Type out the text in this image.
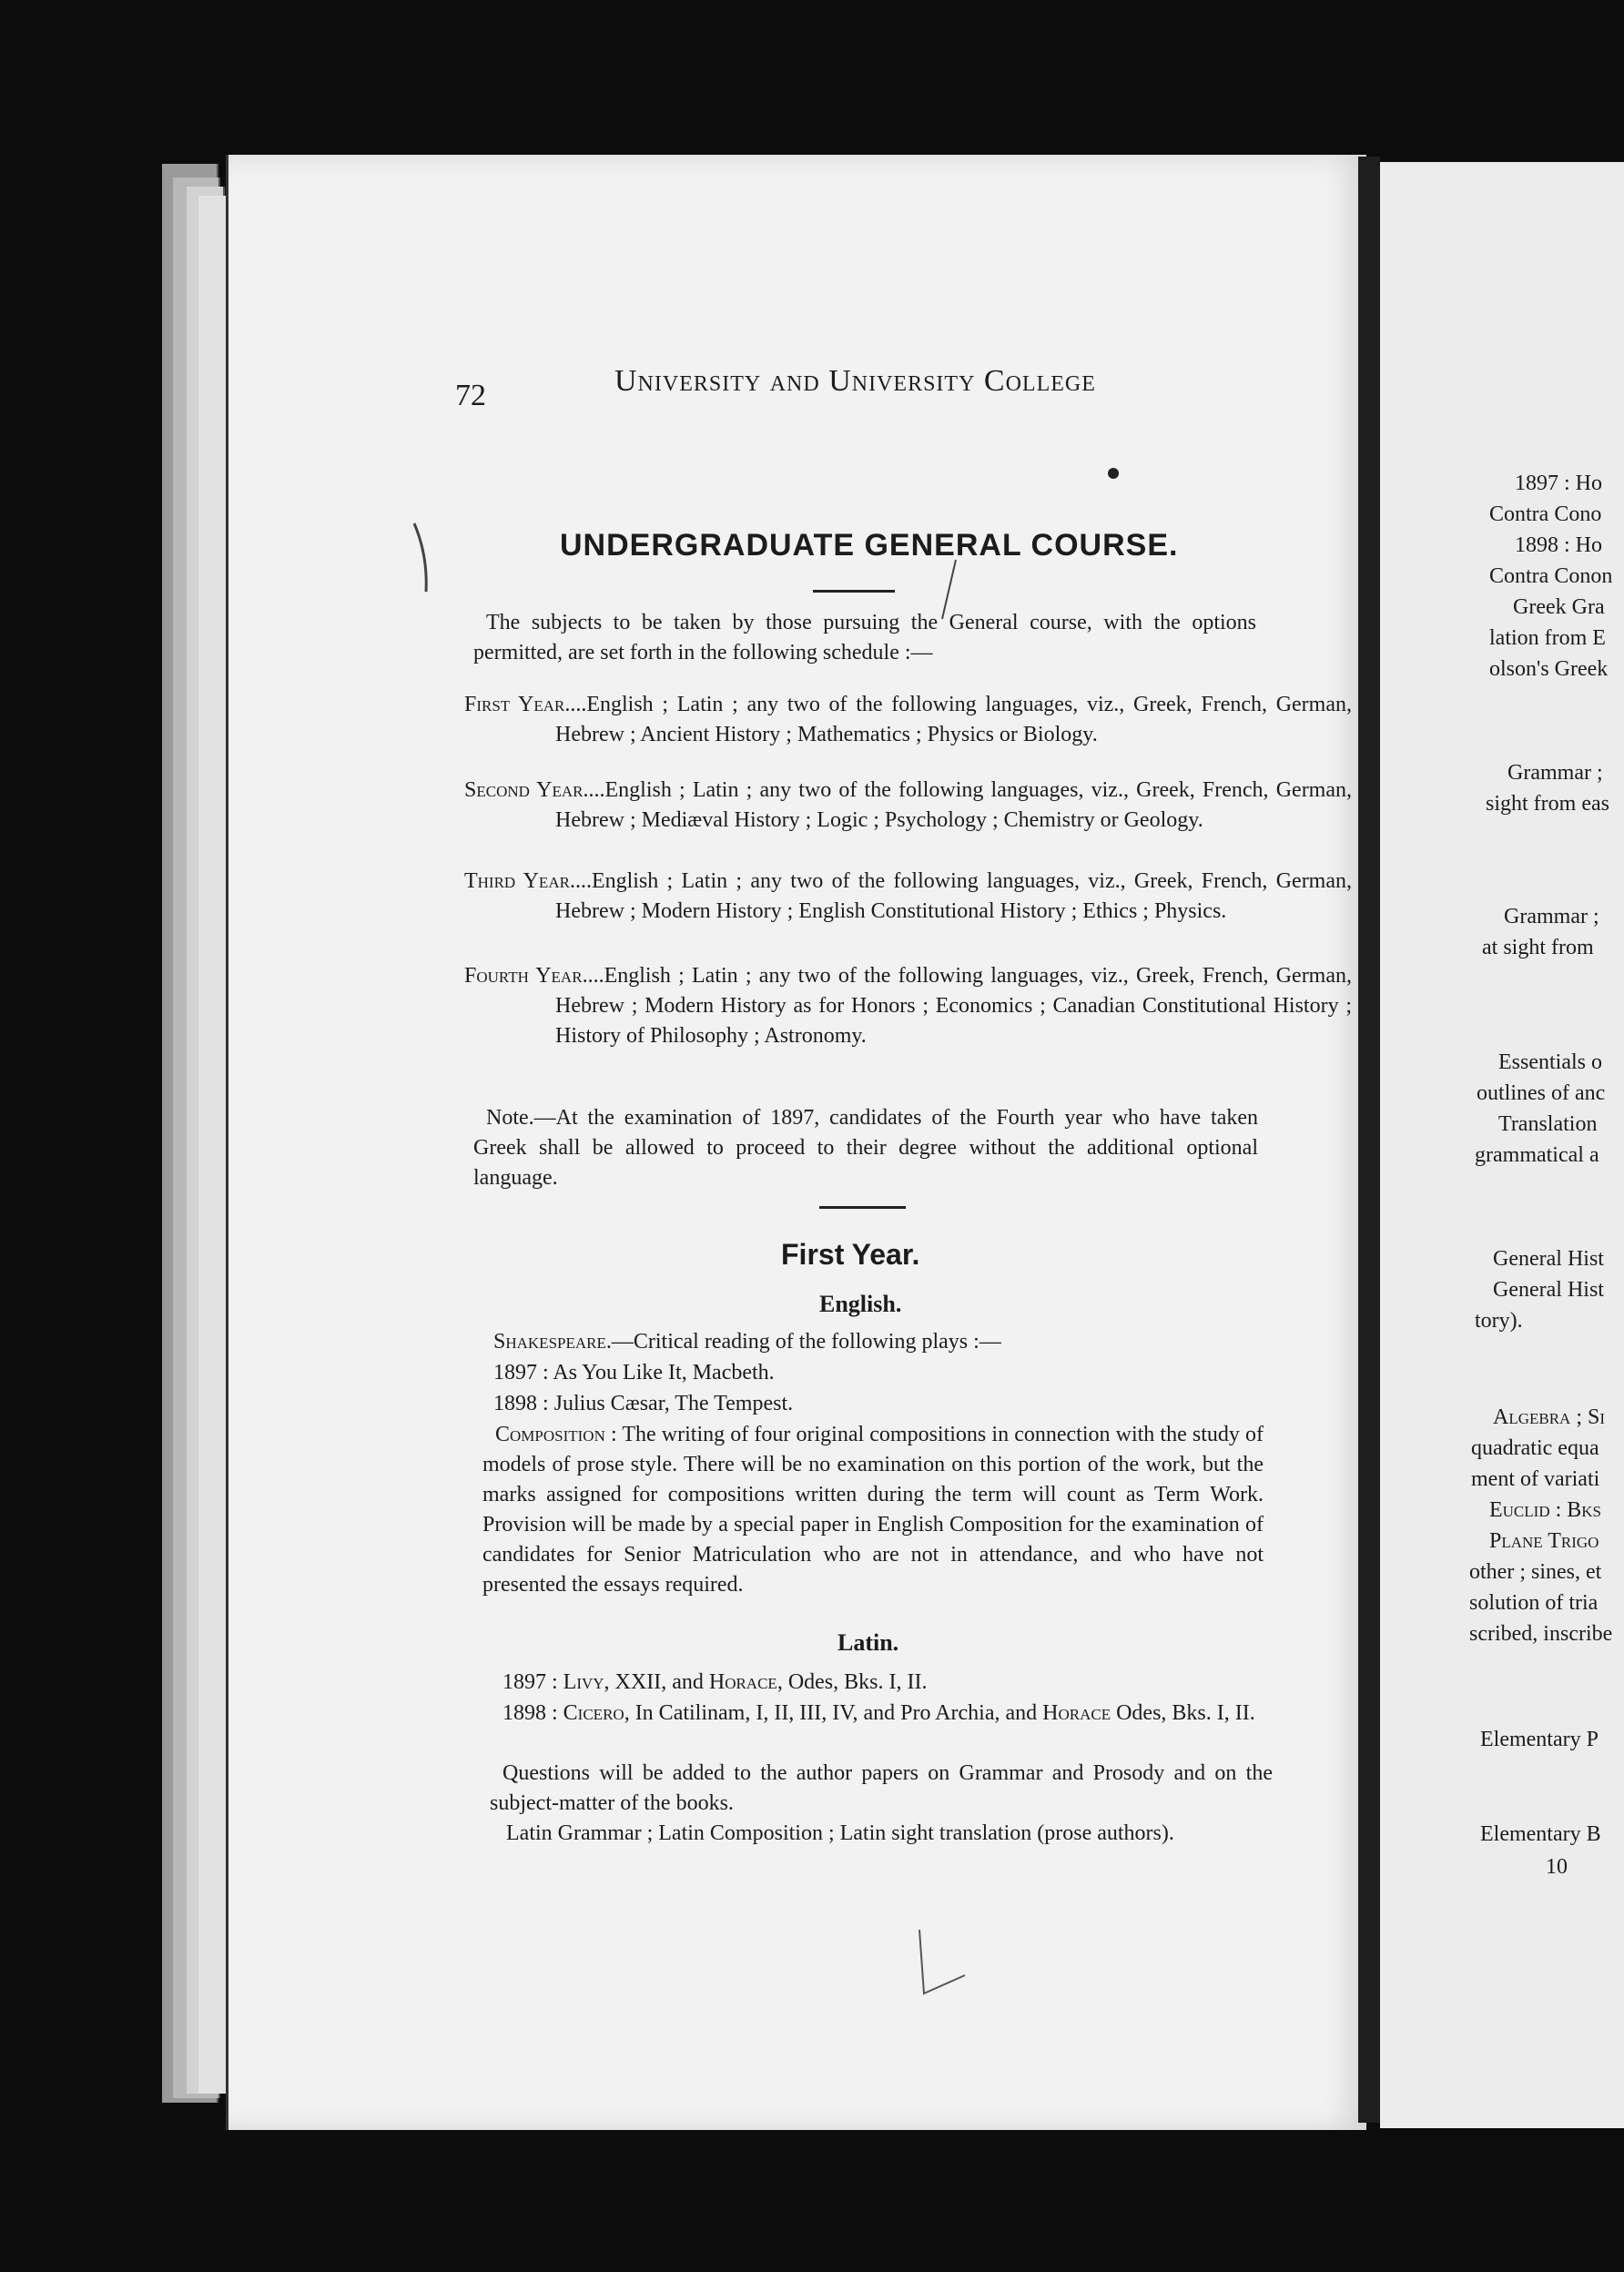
1897 : Ho
Contra Cono
1898 : Ho
Contra Conon
Greek Gra
lation from E
olson's Greek
Grammar ;
sight from eas
Grammar ;
at sight from
Essentials o
outlines of anc
Translation
grammatical a
General Hist
General Hist
tory).
Algebra ; Si
quadratic equa
ment of variati
Euclid : Bks
Plane Trigo
other ; sines, et
solution of tria
scribed, inscribe
Elementary P
Elementary B
10
72	University and University College
UNDERGRADUATE GENERAL COURSE.

The subjects to be taken by those pursuing the General course, with the options permitted, are set forth in the following schedule :—

First Year....English ; Latin ; any two of the following languages, viz., Greek, French, German, Hebrew ; Ancient History ; Mathematics ; Physics or Biology.
Second Year....English ; Latin ; any two of the following languages, viz., Greek, French, German, Hebrew ; Mediæval History ; Logic ; Psychology ; Chemistry or Geology.
Third Year....English ; Latin ; any two of the following languages, viz., Greek, French, German, Hebrew ; Modern History ; English Constitutional History ; Ethics ; Physics.
Fourth Year....English ; Latin ; any two of the following languages, viz., Greek, French, German, Hebrew ; Modern History as for Honors ; Economics ; Canadian Constitutional History ; History of Philosophy ; Astronomy.

Note.—At the examination of 1897, candidates of the Fourth year who have taken Greek shall be allowed to proceed to their degree without the additional optional language.

First Year.
English.
Shakespeare.—Critical reading of the following plays :—
1897 : As You Like It, Macbeth.
1898 : Julius Cæsar, The Tempest.

Composition : The writing of four original compositions in connection with the study of models of prose style. There will be no examination on this portion of the work, but the marks assigned for compositions written during the term will count as Term Work. Provision will be made by a special paper in English Composition for the examination of candidates for Senior Matriculation who are not in attendance, and who have not presented the essays required.

Latin.
1897 : Livy, XXII, and Horace, Odes, Bks. I, II.

1898 : Cicero, In Catilinam, I, II, III, IV, and Pro Archia, and Horace Odes, Bks. I, II.

Questions will be added to the author papers on Grammar and Prosody and on the subject-matter of the books.

Latin Grammar ; Latin Composition ; Latin sight translation (prose authors).
